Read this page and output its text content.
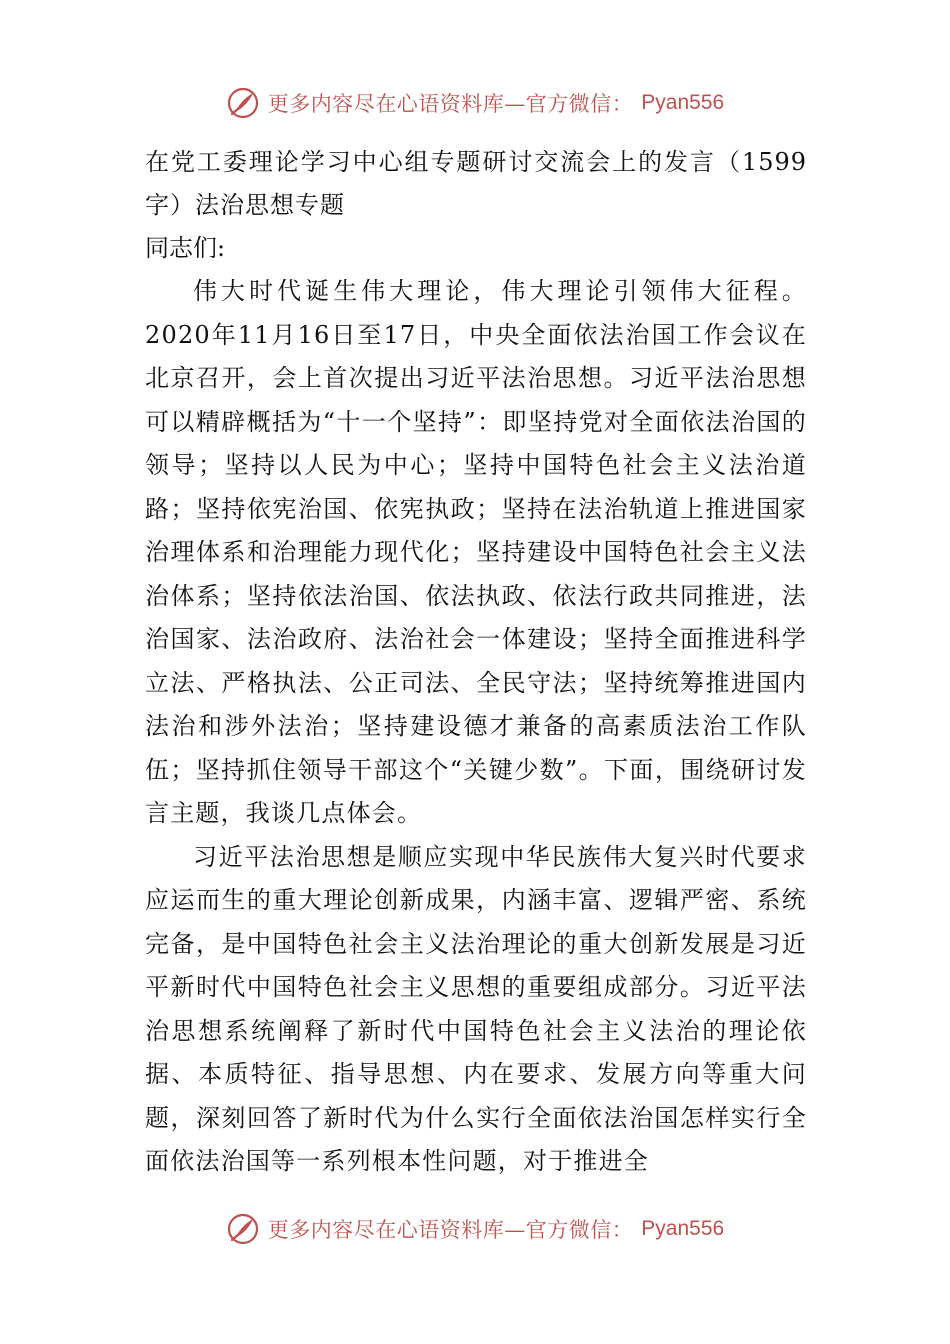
更多内容尽在心语资料库—官方微信： Pyan556
在党工委理论学习中心组专题研讨交流会上的发言（1599字）法治思想专题

同志们:

伟大时代诞生伟大理论，伟大理论引领伟大征程。2020年11月16日至17日，中央全面依法治国工作会议在北京召开，会上首次提出习近平法治思想。习近平法治思想可以精辟概括为“十一个坚持”：即坚持党对全面依法治国的领导；坚持以人民为中心；坚持中国特色社会主义法治道路；坚持依宪治国、依宪执政；坚持在法治轨道上推进国家治理体系和治理能力现代化；坚持建设中国特色社会主义法治体系；坚持依法治国、依法执政、依法行政共同推进，法治国家、法治政府、法治社会一体建设；坚持全面推进科学立法、严格执法、公正司法、全民守法；坚持统筹推进国内法治和涉外法治；坚持建设德才兼备的高素质法治工作队伍；坚持抓住领导干部这个“关键少数”。下面，围绕研讨发言主题，我谈几点体会。

习近平法治思想是顺应实现中华民族伟大复兴时代要求应运而生的重大理论创新成果，内涵丰富、逻辑严密、系统完备，是中国特色社会主义法治理论的重大创新发展是习近平新时代中国特色社会主义思想的重要组成部分。习近平法治思想系统阐释了新时代中国特色社会主义法治的理论依据、本质特征、指导思想、内在要求、发展方向等重大问题，深刻回答了新时代为什么实行全面依法治国怎样实行全面依法治国等一系列根本性问题，对于推进全

更多内容尽在心语资料库—官方微信： Pyan556
